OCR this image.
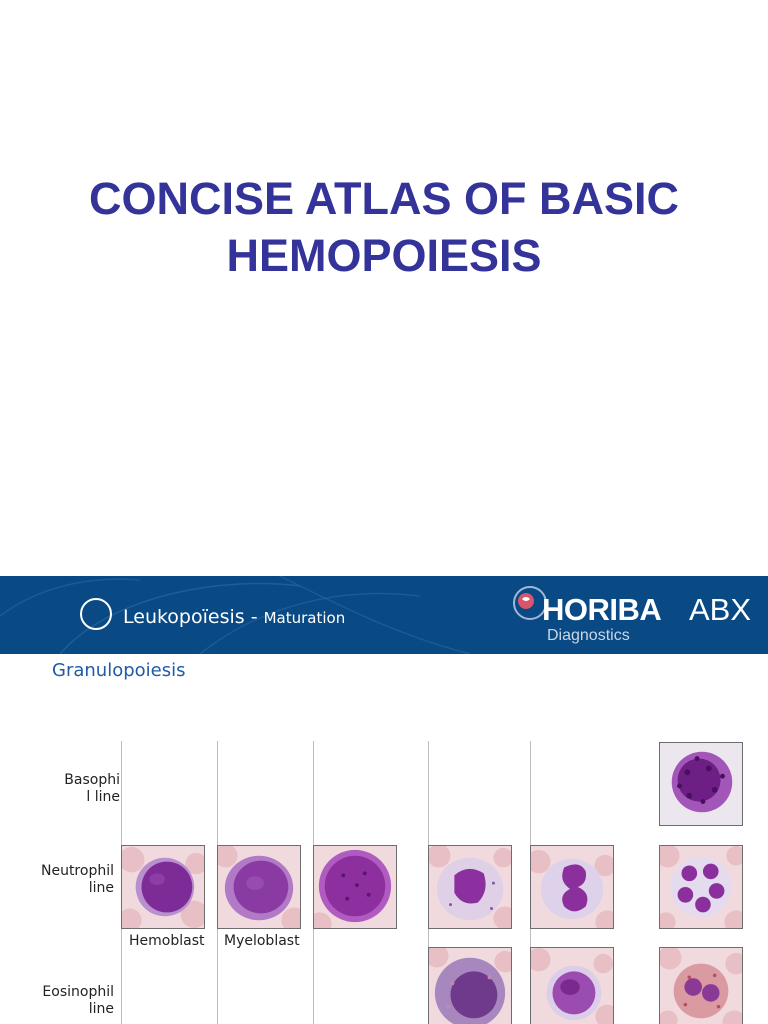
CONCISE ATLAS OF BASIC
HEMOPOIESIS
Leukopoïesis - Maturation	HORIBA ABX
Diagnostics
Granulopoiesis
Basophi
l line
Neutrophil
line
Eosinophil
line
Hemoblast Myeloblast
